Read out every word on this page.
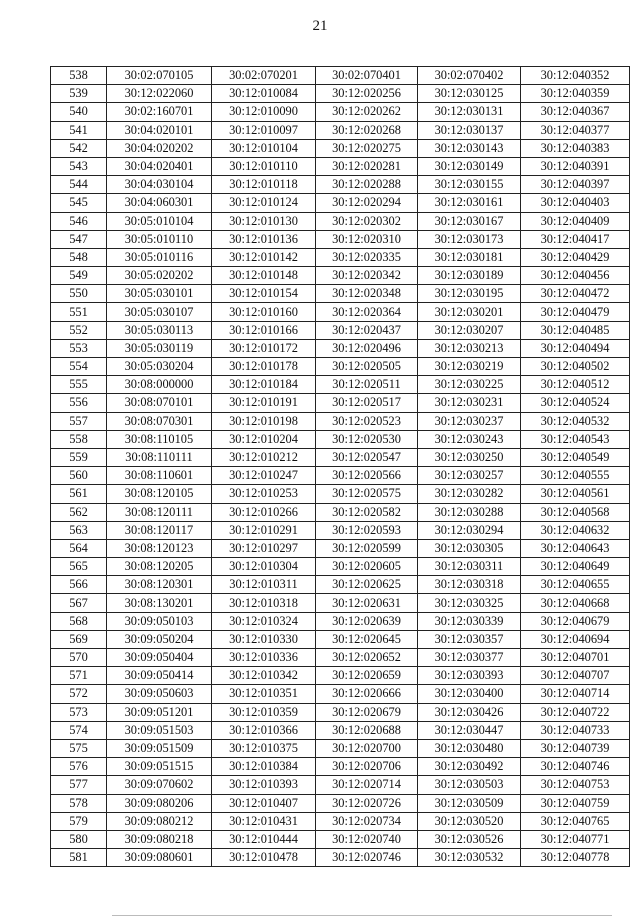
21
538	30:02:070105	30:02:070201	30:02:070401	30:02:070402	30:12:040352
539	30:12:022060	30:12:010084	30:12:020256	30:12:030125	30:12:040359
540	30:02:160701	30:12:010090	30:12:020262	30:12:030131	30:12:040367
541	30:04:020101	30:12:010097	30:12:020268	30:12:030137	30:12:040377
542	30:04:020202	30:12:010104	30:12:020275	30:12:030143	30:12:040383
543	30:04:020401	30:12:010110	30:12:020281	30:12:030149	30:12:040391
544	30:04:030104	30:12:010118	30:12:020288	30:12:030155	30:12:040397
545	30:04:060301	30:12:010124	30:12:020294	30:12:030161	30:12:040403
546	30:05:010104	30:12:010130	30:12:020302	30:12:030167	30:12:040409
547	30:05:010110	30:12:010136	30:12:020310	30:12:030173	30:12:040417
548	30:05:010116	30:12:010142	30:12:020335	30:12:030181	30:12:040429
549	30:05:020202	30:12:010148	30:12:020342	30:12:030189	30:12:040456
550	30:05:030101	30:12:010154	30:12:020348	30:12:030195	30:12:040472
551	30:05:030107	30:12:010160	30:12:020364	30:12:030201	30:12:040479
552	30:05:030113	30:12:010166	30:12:020437	30:12:030207	30:12:040485
553	30:05:030119	30:12:010172	30:12:020496	30:12:030213	30:12:040494
554	30:05:030204	30:12:010178	30:12:020505	30:12:030219	30:12:040502
555	30:08:000000	30:12:010184	30:12:020511	30:12:030225	30:12:040512
556	30:08:070101	30:12:010191	30:12:020517	30:12:030231	30:12:040524
557	30:08:070301	30:12:010198	30:12:020523	30:12:030237	30:12:040532
558	30:08:110105	30:12:010204	30:12:020530	30:12:030243	30:12:040543
559	30:08:110111	30:12:010212	30:12:020547	30:12:030250	30:12:040549
560	30:08:110601	30:12:010247	30:12:020566	30:12:030257	30:12:040555
561	30:08:120105	30:12:010253	30:12:020575	30:12:030282	30:12:040561
562	30:08:120111	30:12:010266	30:12:020582	30:12:030288	30:12:040568
563	30:08:120117	30:12:010291	30:12:020593	30:12:030294	30:12:040632
564	30:08:120123	30:12:010297	30:12:020599	30:12:030305	30:12:040643
565	30:08:120205	30:12:010304	30:12:020605	30:12:030311	30:12:040649
566	30:08:120301	30:12:010311	30:12:020625	30:12:030318	30:12:040655
567	30:08:130201	30:12:010318	30:12:020631	30:12:030325	30:12:040668
568	30:09:050103	30:12:010324	30:12:020639	30:12:030339	30:12:040679
569	30:09:050204	30:12:010330	30:12:020645	30:12:030357	30:12:040694
570	30:09:050404	30:12:010336	30:12:020652	30:12:030377	30:12:040701
571	30:09:050414	30:12:010342	30:12:020659	30:12:030393	30:12:040707
572	30:09:050603	30:12:010351	30:12:020666	30:12:030400	30:12:040714
573	30:09:051201	30:12:010359	30:12:020679	30:12:030426	30:12:040722
574	30:09:051503	30:12:010366	30:12:020688	30:12:030447	30:12:040733
575	30:09:051509	30:12:010375	30:12:020700	30:12:030480	30:12:040739
576	30:09:051515	30:12:010384	30:12:020706	30:12:030492	30:12:040746
577	30:09:070602	30:12:010393	30:12:020714	30:12:030503	30:12:040753
578	30:09:080206	30:12:010407	30:12:020726	30:12:030509	30:12:040759
579	30:09:080212	30:12:010431	30:12:020734	30:12:030520	30:12:040765
580	30:09:080218	30:12:010444	30:12:020740	30:12:030526	30:12:040771
581	30:09:080601	30:12:010478	30:12:020746	30:12:030532	30:12:040778
